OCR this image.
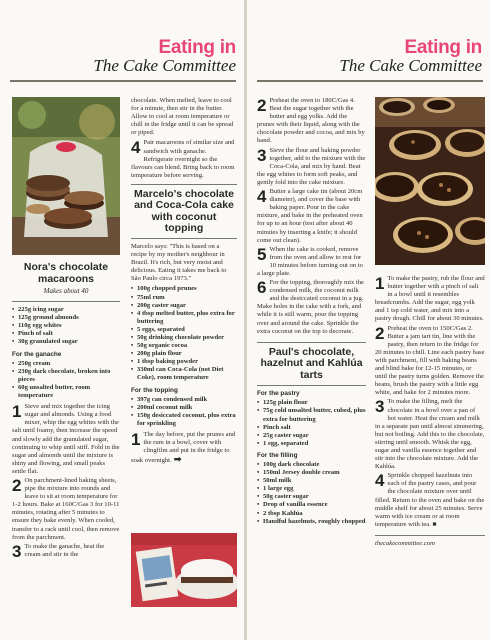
Eating in
The Cake Committee
Nora's chocolate macaroons
Makes about 40
• 225g icing sugar
• 125g ground almonds
• 110g egg whites
• Pinch of salt
• 30g granulated sugar
For the ganache
• 250g cream
• 230g dark chocolate, broken into pieces
• 60g unsalted butter, room temperature
1 Sieve and mix together the icing sugar and almonds. Using a food mixer, whip the egg whites with the salt until foamy, then increase the speed and slowly add the granulated sugar, continuing to whip until stiff. Fold in the sugar and almonds until the mixture is shiny and flowing, and small peaks settle flat.
2 On parchment-lined baking sheets, pipe the mixture into rounds and leave to sit at room temperature for 1-2 hours. Bake at 160C/Gas 3 for 10-11 minutes, rotating after 5 minutes to ensure they bake evenly. When cooled, transfer to a rack until cool, then remove from the parchment.
3 To make the ganache, heat the cream and stir in the

chocolate. When melted, leave to cool for a minute, then stir in the butter. Allow to cool at room temperature or chill in the fridge until it can be spread or piped.

4 Pair macaroons of similar size and sandwich with ganache. Refrigerate overnight so the flavours can blend. Bring back to room temperature before serving.
Marcelo's chocolate and Coca-Cola cake with coconut topping

Marcelo says: "This is based on a recipe by my mother's neighbour in Brazil. It's rich, but very moist and delicious. Eating it takes me back to São Paulo circa 1973."

• 100g chopped prunes
• 75ml rum
• 200g caster sugar
• 4 tbsp melted butter, plus extra for buttering
• 5 eggs, separated
• 50g drinking chocolate powder
• 50g organic cocoa
• 200g plain flour
• 1 tbsp baking powder
• 330ml can Coca-Cola (not Diet Coke), room temperature
For the topping
• 397g can condensed milk
• 200ml coconut milk
• 150g desiccated coconut, plus extra for sprinkling
1 The day before, put the prunes and the rum in a bowl, cover with clingfilm and put in the fridge to soak overnight. ➡
Eating in
The Cake Committee
2 Preheat the oven to 180C/Gas 4. Beat the sugar together with the butter and egg yolks. Add the prunes with their liquid, along with the chocolate powder and cocoa, and mix by hand.
3 Sieve the flour and baking powder together, add to the mixture with the Coca-Cola, and mix by hand. Beat the egg whites to form soft peaks, and gently fold into the cake mixture.
4 Butter a large cake tin (about 20cm diameter), and cover the base with baking paper. Pour in the cake mixture, and bake in the preheated oven for up to an hour (test after about 40 minutes by inserting a knife; it should come out clean).
5 When the cake is cooked, remove from the oven and allow to rest for 10 minutes before turning out on to a large plate.
6 For the topping, thoroughly mix the condensed milk, the coconut milk and the desiccated coconut in a jug. Make holes in the cake with a fork, and while it is still warm, pour the topping over and around the cake. Sprinkle the extra coconut on the top to decorate.
Paul's chocolate, hazelnut and Kahlúa tarts
For the pastry
• 125g plain flour
• 75g cold unsalted butter, cubed, plus extra for buttering
• Pinch salt
• 25g caster sugar
• 1 egg, separated
For the filling
• 100g dark chocolate
• 150ml Jersey double cream
• 50ml milk
• 1 large egg
• 50g caster sugar
• Drop of vanilla essence
• 2 tbsp Kahlúa
• Handful hazelnuts, roughly chopped
1 To make the pastry, rub the flour and butter together with a pinch of salt in a bowl until it resembles breadcrumbs. Add the sugar, egg yolk and 1 tsp cold water, and mix into a pastry dough. Chill for about 30 minutes.
2 Preheat the oven to 150C/Gas 2. Butter a jam tart tin, line with the pastry, then return to the fridge for 20 minutes to chill. Line each pastry base with parchment, fill with baking beans and blind bake for 12-15 minutes, or until the pastry turns golden. Remove the beans, brush the pastry with a little egg white, and bake for 2 minutes more.
3 To make the filling, melt the chocolate in a bowl over a pan of hot water. Heat the cream and milk in a separate pan until almost simmering, but not boiling. Add this to the chocolate, stirring until smooth. Whisk the egg, sugar and vanilla essence together and stir into the chocolate mixture. Add the Kahlúa.
4 Sprinkle chopped hazelnuts into each of the pastry cases, and pour the chocolate mixture over until filled. Return to the oven and bake on the middle shelf for about 25 minutes. Serve warm with ice cream or at room temperature with tea. ■
thecakecommittee.com
